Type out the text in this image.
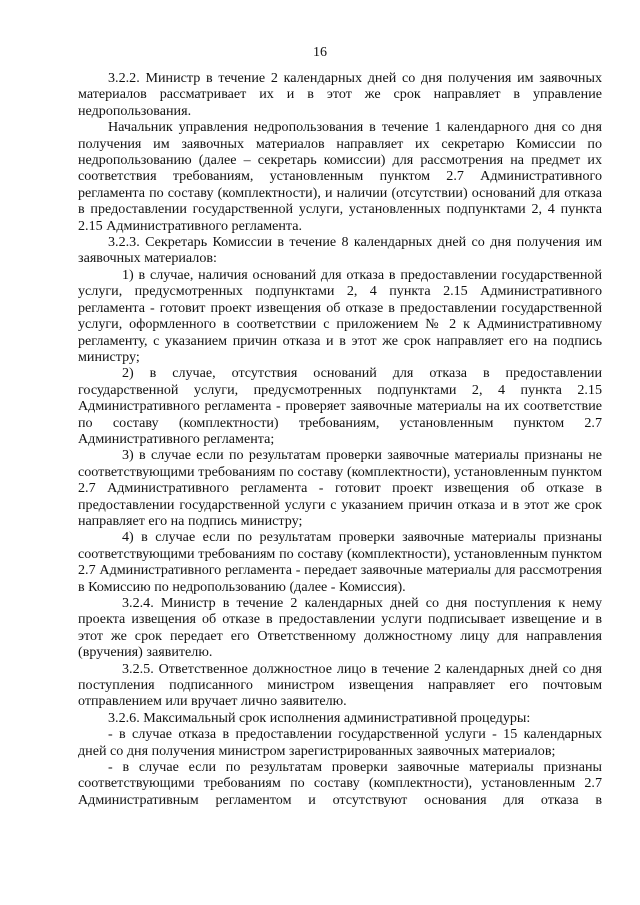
16

3.2.2. Министр в течение 2 календарных дней со дня получения им заявочных материалов рассматривает их и в этот же срок направляет в управление недропользования.

Начальник управления недропользования в течение 1 календарного дня со дня получения им заявочных материалов направляет их секретарю Комиссии по недропользованию (далее – секретарь комиссии) для рассмотрения на предмет их соответствия требованиям, установленным пунктом 2.7 Административного регламента по составу (комплектности), и наличии (отсутствии) оснований для отказа в предоставлении государственной услуги, установленных подпунктами 2, 4 пункта 2.15 Административного регламента.

3.2.3. Секретарь Комиссии в течение 8 календарных дней со дня получения им заявочных материалов:

1) в случае, наличия оснований для отказа в предоставлении государственной услуги, предусмотренных подпунктами 2, 4 пункта 2.15 Административного регламента - готовит проект извещения об отказе в предоставлении государственной услуги, оформленного в соответствии с приложением № 2 к Административному регламенту, с указанием причин отказа и в этот же срок направляет его на подпись министру;

2) в случае, отсутствия оснований для отказа в предоставлении государственной услуги, предусмотренных подпунктами 2, 4 пункта 2.15 Административного регламента - проверяет заявочные материалы на их соответствие по составу (комплектности) требованиям, установленным пунктом 2.7 Административного регламента;

3) в случае если по результатам проверки заявочные материалы признаны не соответствующими требованиям по составу (комплектности), установленным пунктом 2.7 Административного регламента - готовит проект извещения об отказе в предоставлении государственной услуги с указанием причин отказа и в этот же срок направляет его на подпись министру;

4) в случае если по результатам проверки заявочные материалы признаны соответствующими требованиям по составу (комплектности), установленным пунктом 2.7 Административного регламента - передает заявочные материалы для рассмотрения в Комиссию по недропользованию (далее - Комиссия).

3.2.4. Министр в течение 2 календарных дней со дня поступления к нему проекта извещения об отказе в предоставлении услуги подписывает извещение и в этот же срок передает его Ответственному должностному лицу для направления (вручения) заявителю.

3.2.5. Ответственное должностное лицо в течение 2 календарных дней со дня поступления подписанного министром извещения направляет его почтовым отправлением или вручает лично заявителю.

3.2.6. Максимальный срок исполнения административной процедуры:

- в случае отказа в предоставлении государственной услуги - 15 календарных дней со дня получения министром зарегистрированных заявочных материалов;

- в случае если по результатам проверки заявочные материалы признаны соответствующими требованиям по составу (комплектности), установленным 2.7 Административным регламентом и отсутствуют основания для отказа в
